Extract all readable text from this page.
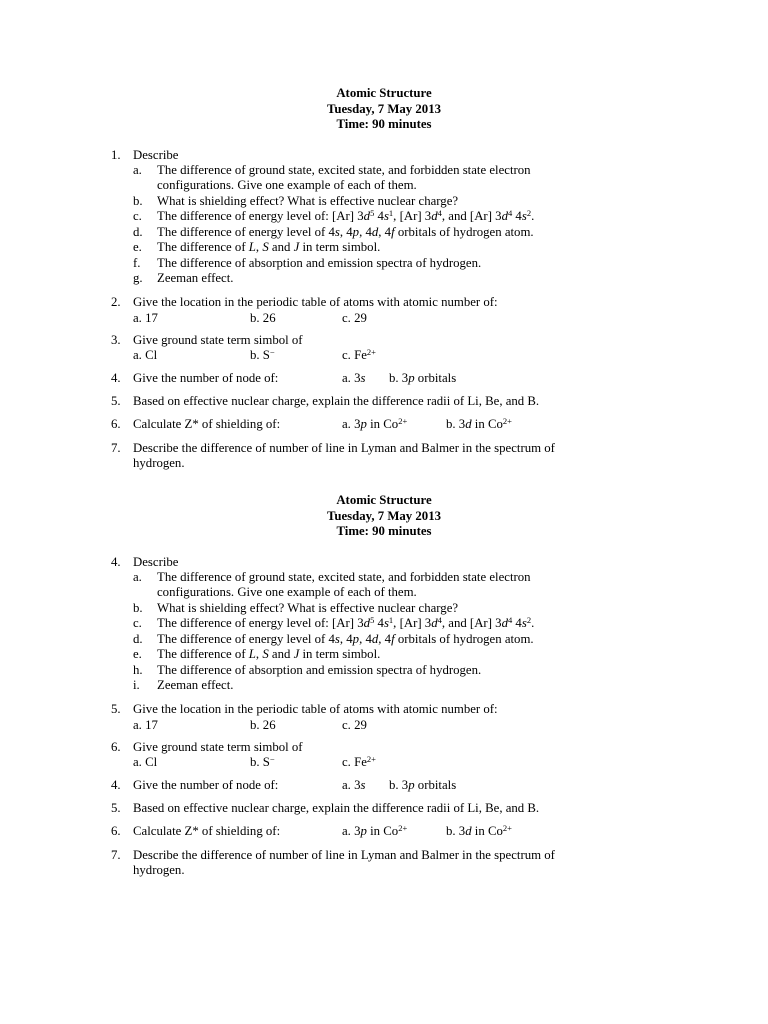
Atomic Structure
Tuesday, 7 May 2013
Time: 90 minutes
1. Describe
a. The difference of ground state, excited state, and forbidden state electron
configurations. Give one example of each of them.
b. What is shielding effect? What is effective nuclear charge?
c. The difference of energy level of: [Ar] $3d^5$ $4s^1$, [Ar] $3d^4$, and [Ar] $3d^4$ $4s^2$.
d. The difference of energy level of 4s, 4p, 4d, 4f orbitals of hydrogen atom.
e. The difference of L, S and J in term simbol.
f. The difference of absorption and emission spectra of hydrogen.
g. Zeeman effect.
2. Give the location in the periodic table of atoms with atomic number of:
a. 17	b. 26	c. 29
3. Give ground state term simbol of
a. Cl	b. S−	c. $Fe^{2+}$
4. Give the number of node of:	a. 3s b. 3p orbitals
5. Based on effective nuclear charge, explain the difference radii of Li, Be, and B.
6. Calculate Z* of shielding of:	a. 3p in $Co^{2+}$	b. 3d in $Co^{2+}$
7. Describe the difference of number of line in Lyman and Balmer in the spectrum of
hydrogen.
Atomic Structure
Tuesday, 7 May 2013
Time: 90 minutes
4. Describe
a. The difference of ground state, excited state, and forbidden state electron
configurations. Give one example of each of them.
b. What is shielding effect? What is effective nuclear charge?
c. The difference of energy level of: [Ar] $3d^5$ $4s^1$, [Ar] $3d^4$, and [Ar] $3d^4$ $4s^2$.
d. The difference of energy level of 4s, 4p, 4d, 4f orbitals of hydrogen atom.
e. The difference of L, S and J in term simbol.
h. The difference of absorption and emission spectra of hydrogen.
i. Zeeman effect.
5. Give the location in the periodic table of atoms with atomic number of:
a. 17	b. 26	c. 29
6. Give ground state term simbol of
a. Cl	b. S−	c. $Fe^{2+}$
4. Give the number of node of:	a. 3s b. 3p orbitals
5. Based on effective nuclear charge, explain the difference radii of Li, Be, and B.
6. Calculate Z* of shielding of:	a. 3p in $Co^{2+}$	b. 3d in $Co^{2+}$
7. Describe the difference of number of line in Lyman and Balmer in the spectrum of
hydrogen.
